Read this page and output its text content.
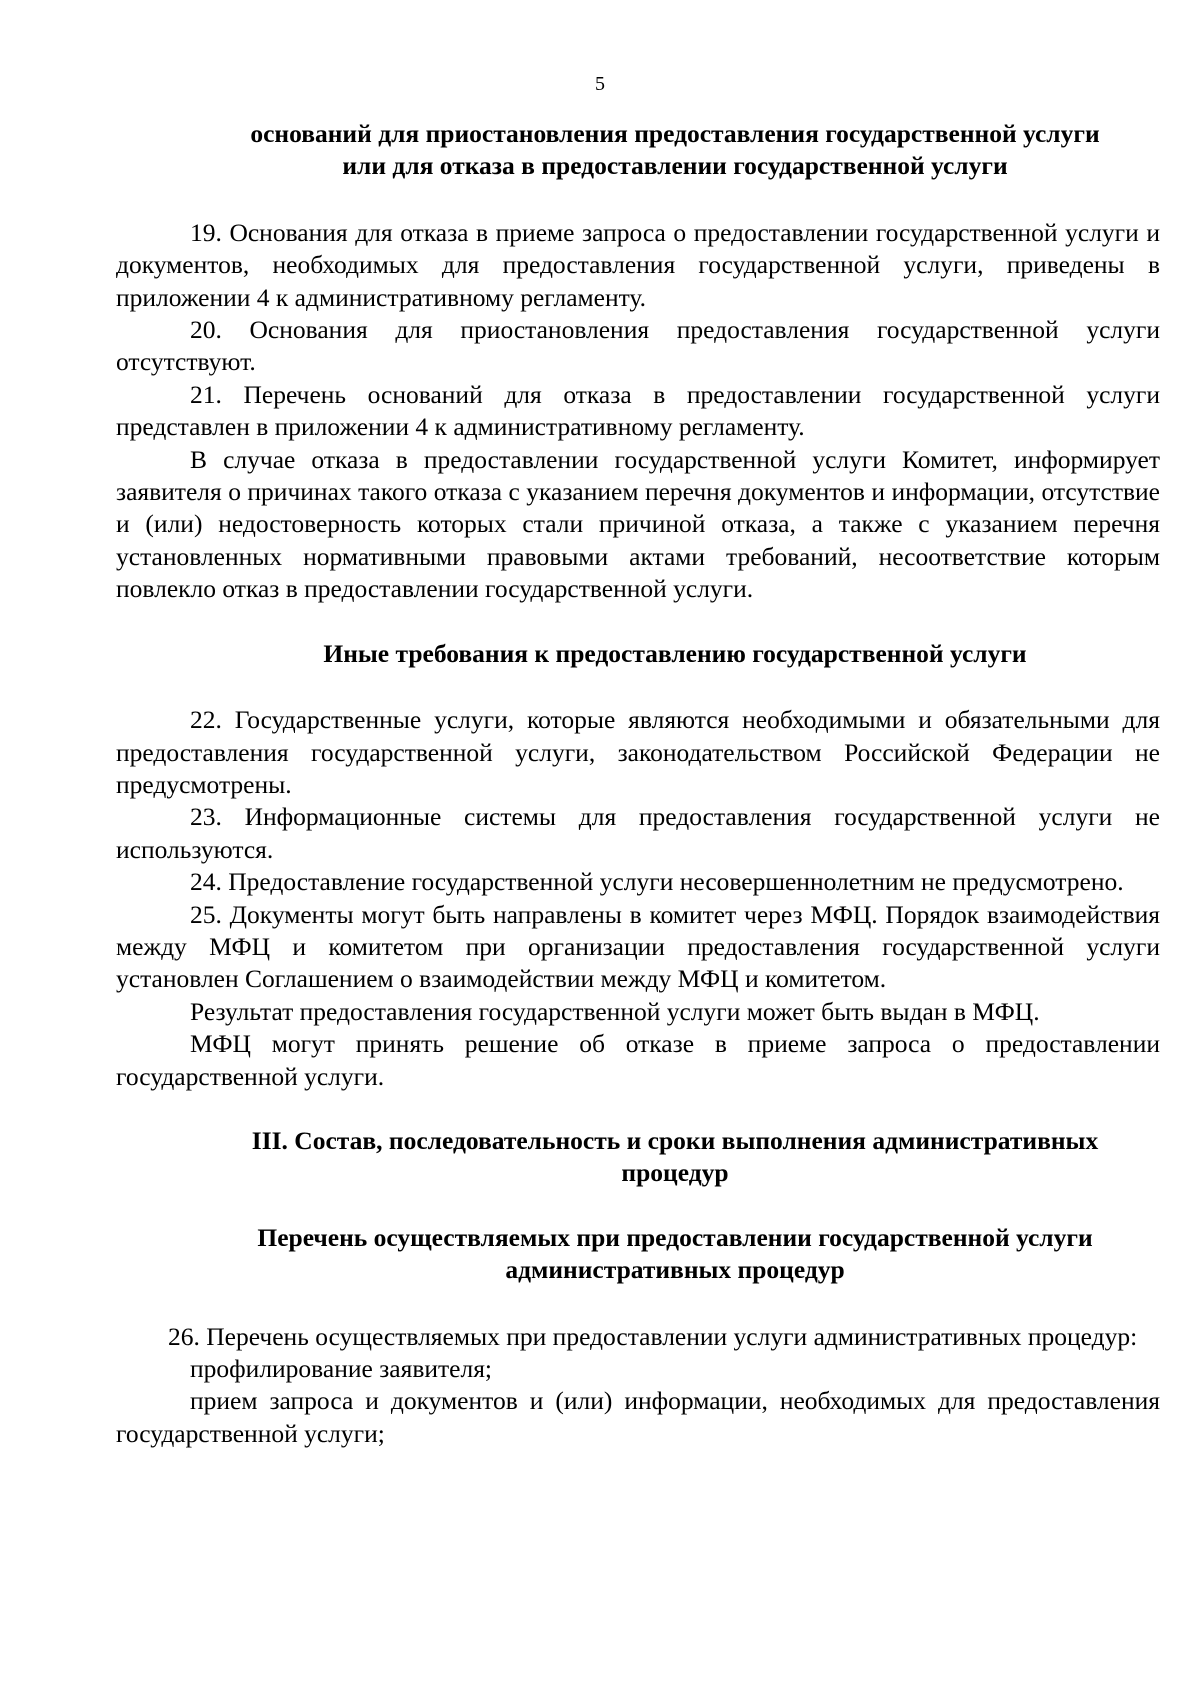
5

оснований для приостановления предоставления государственной услуги
или для отказа в предоставлении государственной услуги

19. Основания для отказа в приеме запроса о предоставлении государственной услуги и документов, необходимых для предоставления государственной услуги, приведены в приложении 4 к административному регламенту.

20. Основания для приостановления предоставления государственной услуги отсутствуют.

21. Перечень оснований для отказа в предоставлении государственной услуги представлен в приложении 4 к административному регламенту.

В случае отказа в предоставлении государственной услуги Комитет, информирует заявителя о причинах такого отказа с указанием перечня документов и информации, отсутствие и (или) недостоверность которых стали причиной отказа, а также с указанием перечня установленных нормативными правовыми актами требований, несоответствие которым повлекло отказ в предоставлении государственной услуги.

Иные требования к предоставлению государственной услуги

22. Государственные услуги, которые являются необходимыми и обязательными для предоставления государственной услуги, законодательством Российской Федерации не предусмотрены.

23. Информационные системы для предоставления государственной услуги не используются.

24. Предоставление государственной услуги несовершеннолетним не предусмотрено.

25. Документы могут быть направлены в комитет через МФЦ. Порядок взаимодействия между МФЦ и комитетом при организации предоставления государственной услуги установлен Соглашением о взаимодействии между МФЦ и комитетом.

Результат предоставления государственной услуги может быть выдан в МФЦ.

МФЦ могут принять решение об отказе в приеме запроса о предоставлении государственной услуги.

III. Состав, последовательность и сроки выполнения административных
процедур

Перечень осуществляемых при предоставлении государственной услуги
административных процедур

26. Перечень осуществляемых при предоставлении услуги административных процедур:

профилирование заявителя;

прием запроса и документов и (или) информации, необходимых для предоставления государственной услуги;
